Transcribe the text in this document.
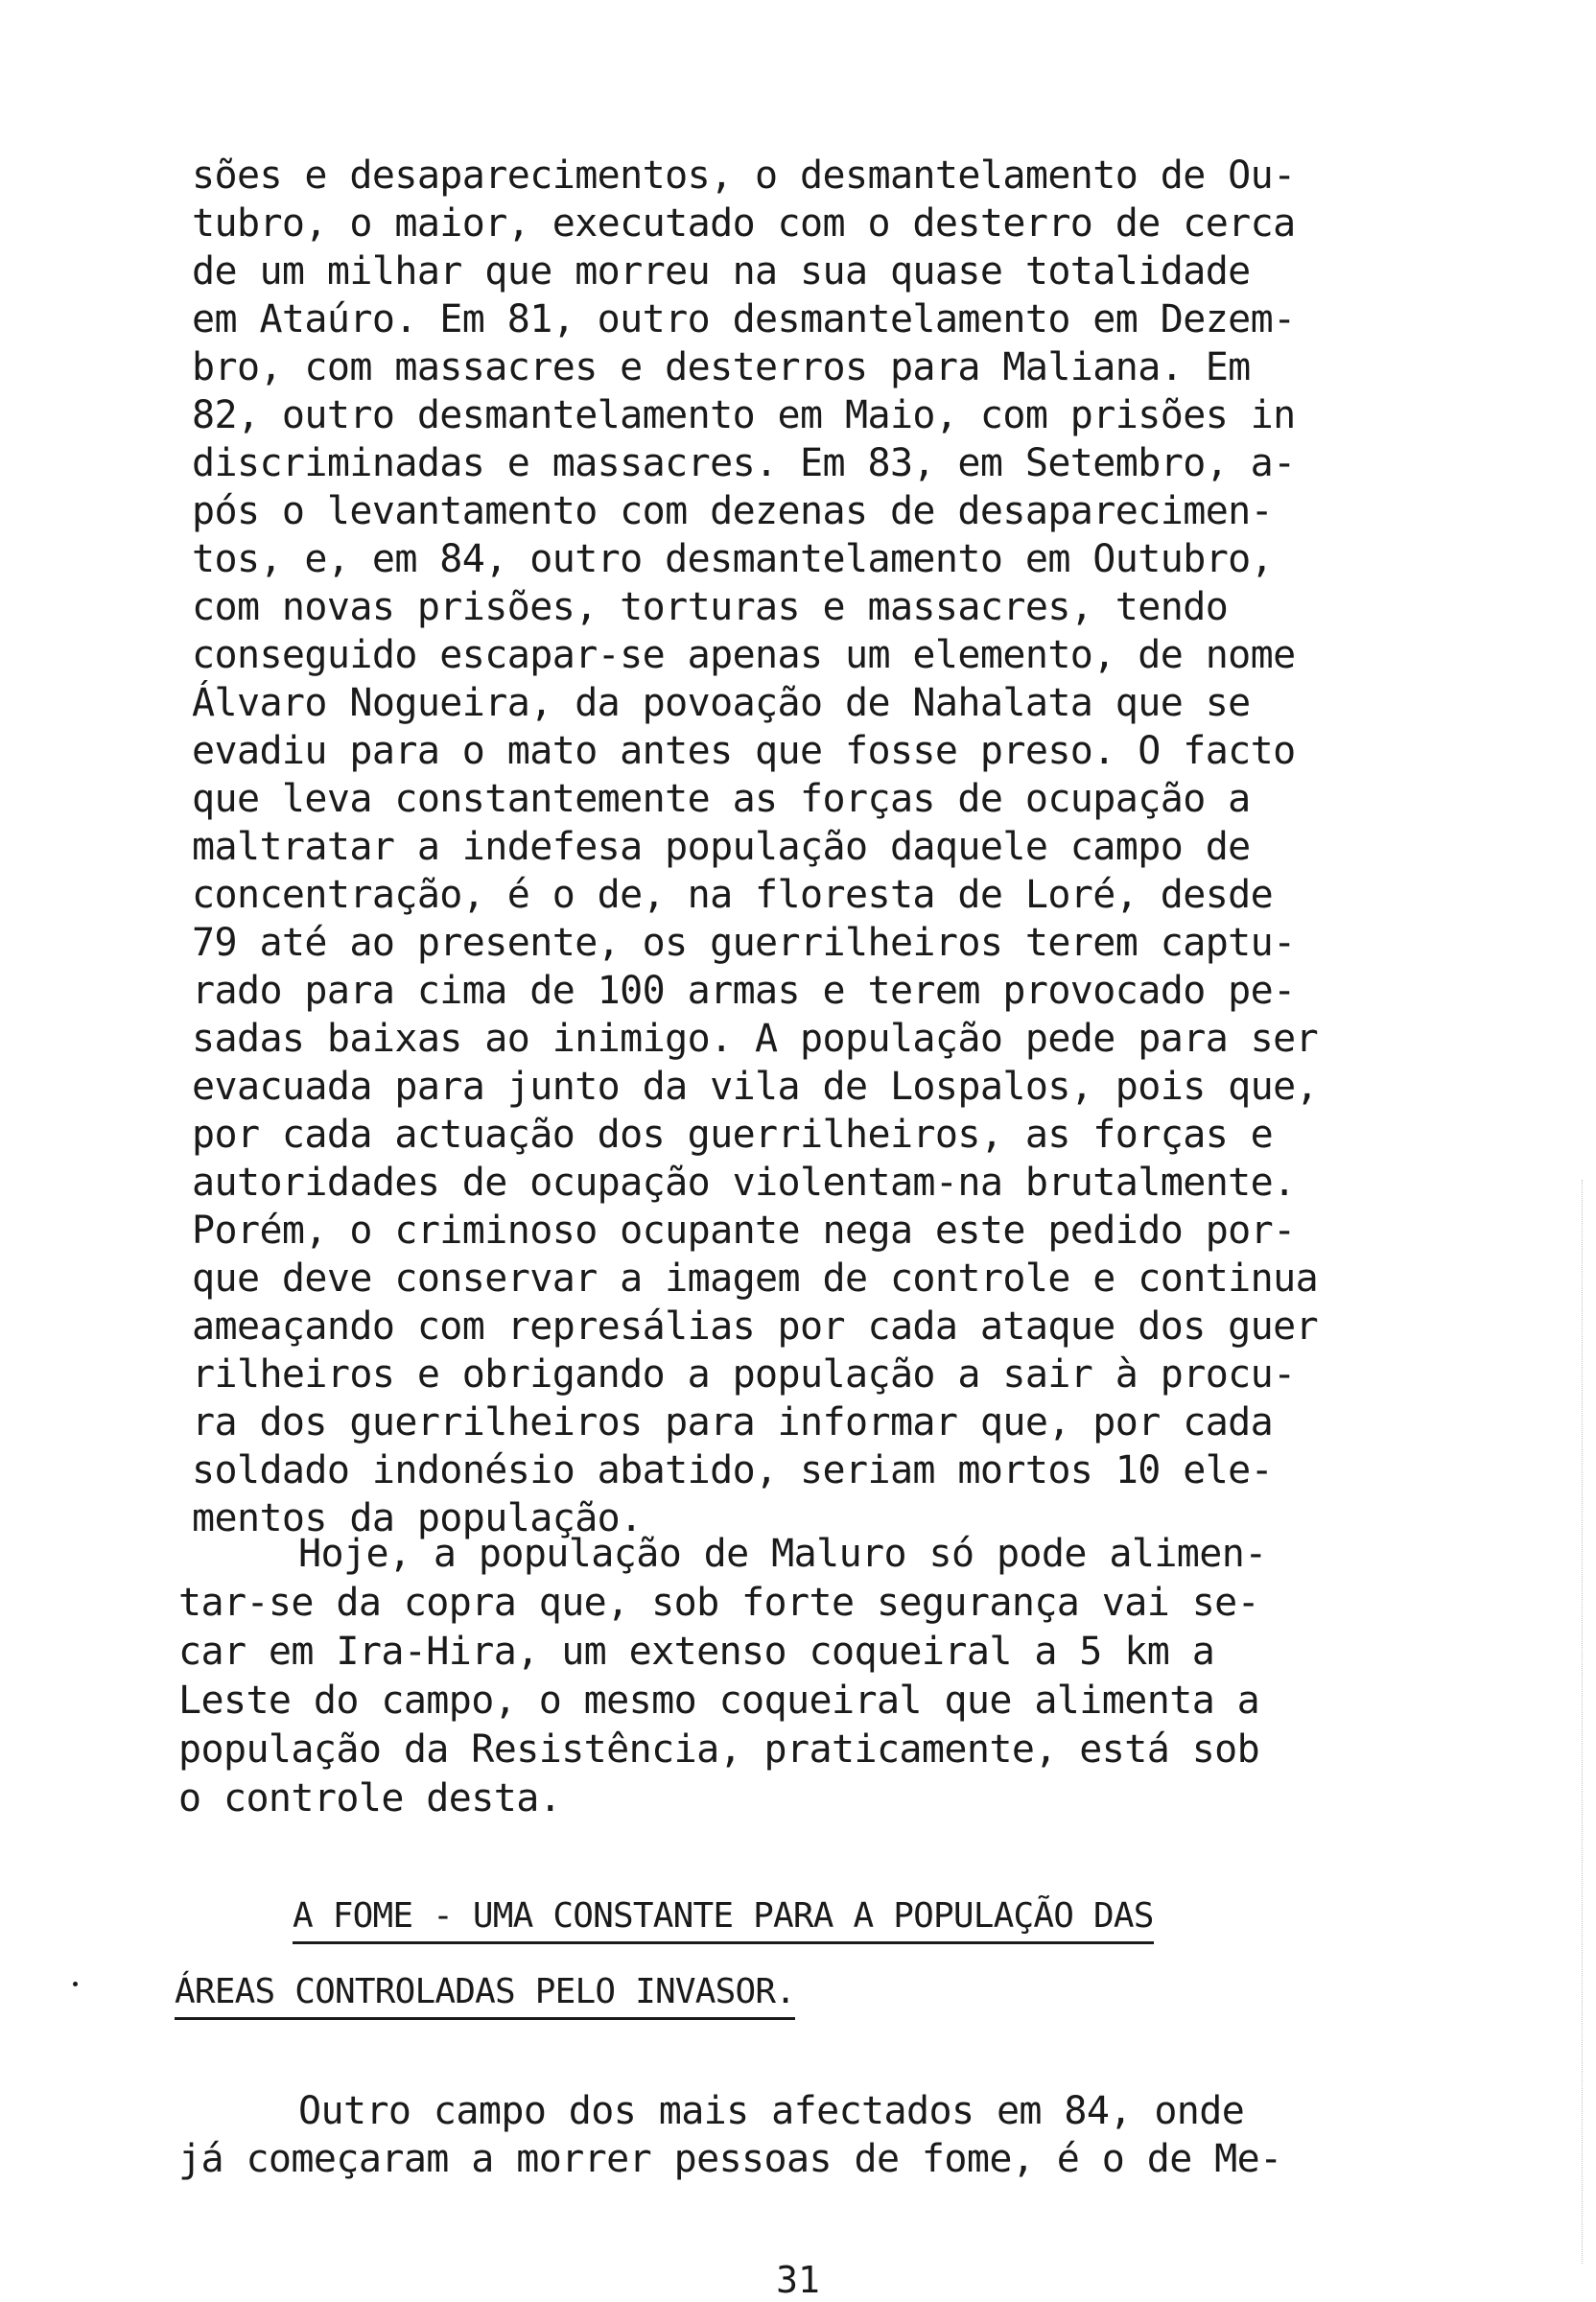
sões e desaparecimentos, o desmantelamento de Ou-
tubro, o maior, executado com o desterro de cerca
de um milhar que morreu na sua quase totalidade
em Ataúro. Em 81, outro desmantelamento em Dezem-
bro, com massacres e desterros para Maliana. Em
82, outro desmantelamento em Maio, com prisões in
discriminadas e massacres. Em 83, em Setembro, a-
pós o levantamento com dezenas de desaparecimen-
tos, e, em 84, outro desmantelamento em Outubro,
com novas prisões, torturas e massacres, tendo
conseguido escapar-se apenas um elemento, de nome
Álvaro Nogueira, da povoação de Nahalata que se
evadiu para o mato antes que fosse preso. O facto
que leva constantemente as forças de ocupação a
maltratar a indefesa população daquele campo de
concentração, é o de, na floresta de Loré, desde
79 até ao presente, os guerrilheiros terem captu-
rado para cima de 100 armas e terem provocado pe-
sadas baixas ao inimigo. A população pede para ser
evacuada para junto da vila de Lospalos, pois que,
por cada actuação dos guerrilheiros, as forças e
autoridades de ocupação violentam-na brutalmente.
Porém, o criminoso ocupante nega este pedido por-
que deve conservar a imagem de controle e continua
ameaçando com represálias por cada ataque dos guer
rilheiros e obrigando a população a sair à procu-
ra dos guerrilheiros para informar que, por cada
soldado indonésio abatido, seriam mortos 10 ele-
mentos da população.
Hoje, a população de Maluro só pode alimen-
tar-se da copra que, sob forte segurança vai se-
car em Ira-Hira, um extenso coqueiral a 5 km a
Leste do campo, o mesmo coqueiral que alimenta a
população da Resistência, praticamente, está sob
o controle desta.
A FOME - UMA CONSTANTE PARA A POPULAÇÃO DAS
ÁREAS CONTROLADAS PELO INVASOR.
Outro campo dos mais afectados em 84, onde
já começaram a morrer pessoas de fome, é o de Me-
31
